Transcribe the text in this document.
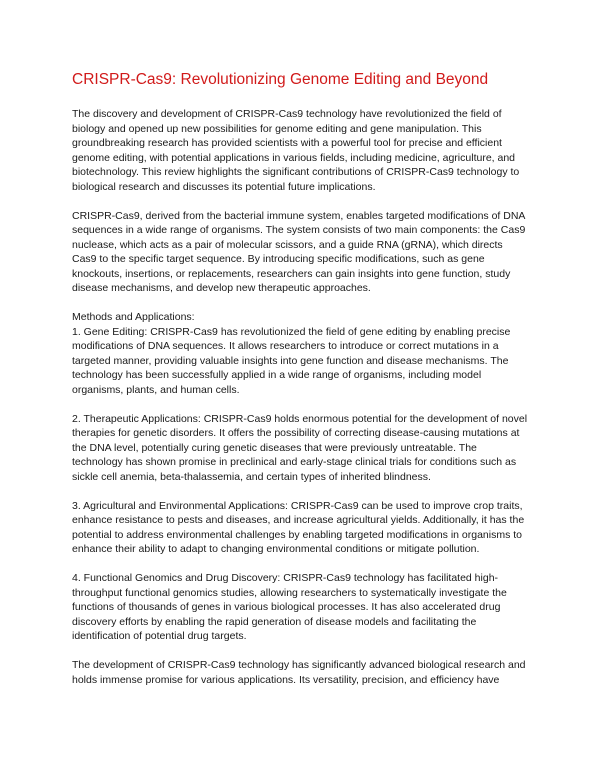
CRISPR-Cas9: Revolutionizing Genome Editing and Beyond

The discovery and development of CRISPR-Cas9 technology have revolutionized the field of biology and opened up new possibilities for genome editing and gene manipulation. This groundbreaking research has provided scientists with a powerful tool for precise and efficient genome editing, with potential applications in various fields, including medicine, agriculture, and biotechnology. This review highlights the significant contributions of CRISPR-Cas9 technology to biological research and discusses its potential future implications.

CRISPR-Cas9, derived from the bacterial immune system, enables targeted modifications of DNA sequences in a wide range of organisms. The system consists of two main components: the Cas9 nuclease, which acts as a pair of molecular scissors, and a guide RNA (gRNA), which directs Cas9 to the specific target sequence. By introducing specific modifications, such as gene knockouts, insertions, or replacements, researchers can gain insights into gene function, study disease mechanisms, and develop new therapeutic approaches.

Methods and Applications:
1. Gene Editing: CRISPR-Cas9 has revolutionized the field of gene editing by enabling precise modifications of DNA sequences. It allows researchers to introduce or correct mutations in a targeted manner, providing valuable insights into gene function and disease mechanisms. The technology has been successfully applied in a wide range of organisms, including model organisms, plants, and human cells.

2. Therapeutic Applications: CRISPR-Cas9 holds enormous potential for the development of novel therapies for genetic disorders. It offers the possibility of correcting disease-causing mutations at the DNA level, potentially curing genetic diseases that were previously untreatable. The technology has shown promise in preclinical and early-stage clinical trials for conditions such as sickle cell anemia, beta-thalassemia, and certain types of inherited blindness.

3. Agricultural and Environmental Applications: CRISPR-Cas9 can be used to improve crop traits, enhance resistance to pests and diseases, and increase agricultural yields. Additionally, it has the potential to address environmental challenges by enabling targeted modifications in organisms to enhance their ability to adapt to changing environmental conditions or mitigate pollution.

4. Functional Genomics and Drug Discovery: CRISPR-Cas9 technology has facilitated high-throughput functional genomics studies, allowing researchers to systematically investigate the functions of thousands of genes in various biological processes. It has also accelerated drug discovery efforts by enabling the rapid generation of disease models and facilitating the identification of potential drug targets.

The development of CRISPR-Cas9 technology has significantly advanced biological research and holds immense promise for various applications. Its versatility, precision, and efficiency have
